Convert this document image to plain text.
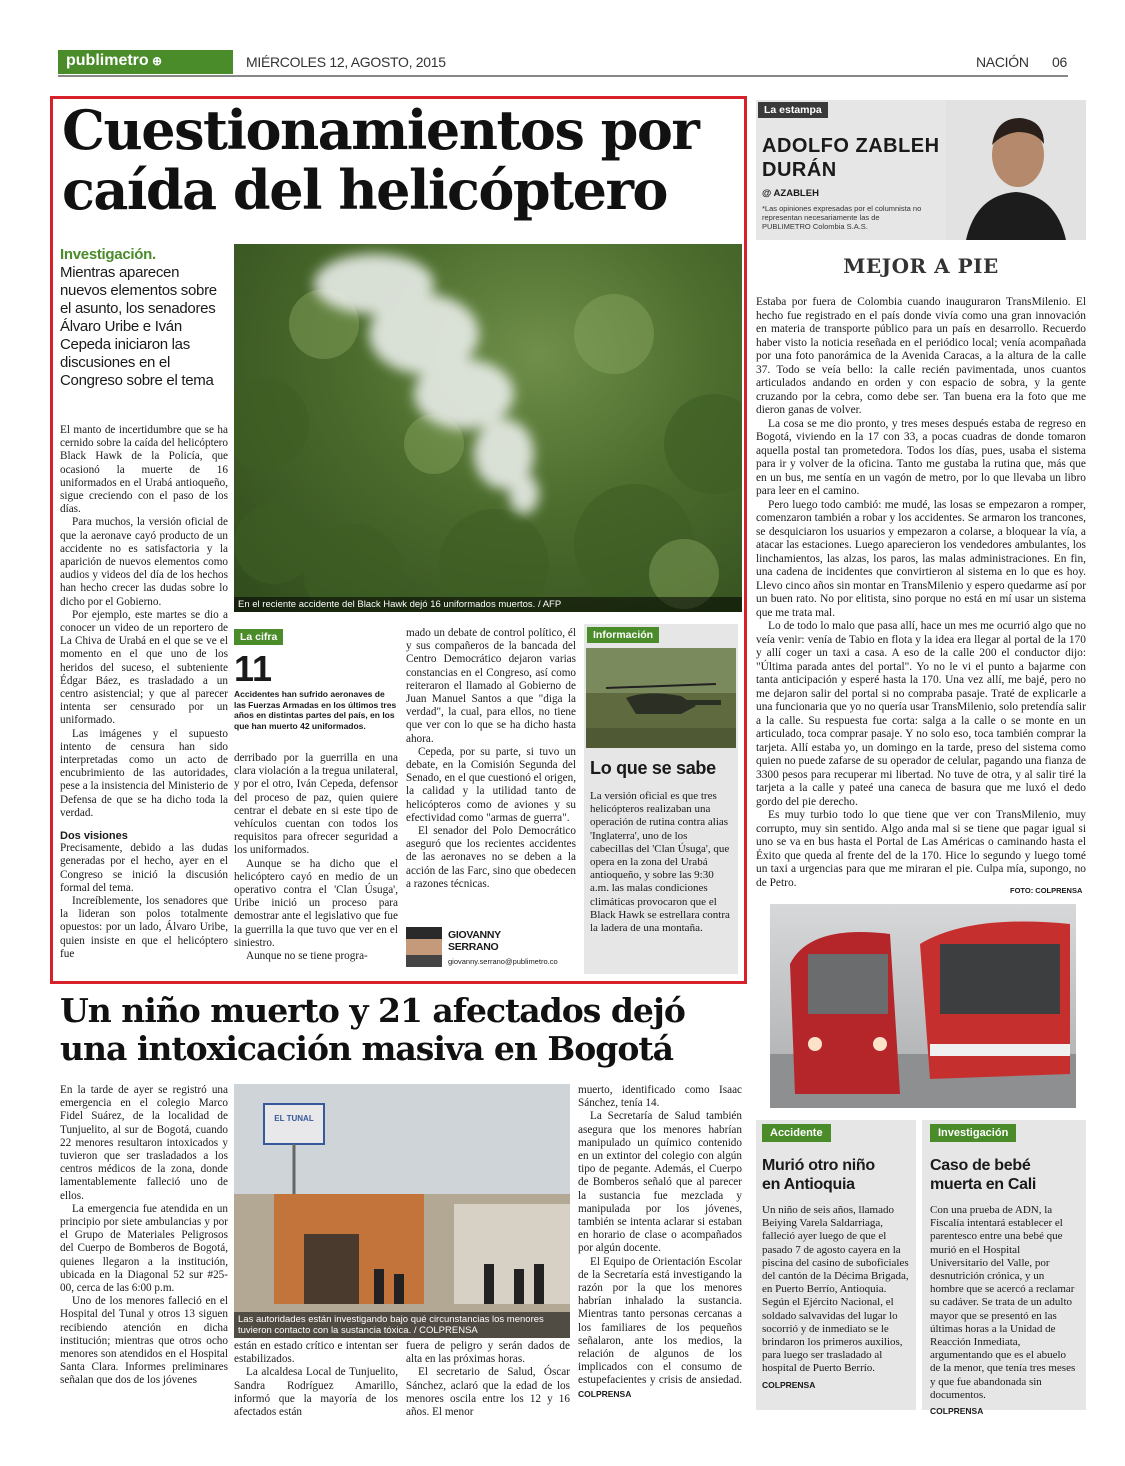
publimetro ⊕	MIÉRCOLES 12, AGOSTO, 2015	NACIÓN 06
Cuestionamientos por
caída del helicóptero
Investigación.
Mientras aparecen nuevos elementos sobre el asunto, los senadores Álvaro Uribe e Iván Cepeda iniciaron las discusiones en el Congreso sobre el tema
En el reciente accidente del Black Hawk dejó 16 uniformados muertos. / AFP

El manto de incertidumbre que se ha cernido sobre la caída del helicóptero Black Hawk de la Policía, que ocasionó la muerte de 16 uniformados en el Urabá antioqueño, sigue creciendo con el paso de los días.

Para muchos, la versión oficial de que la aeronave cayó producto de un accidente no es satisfactoria y la aparición de nuevos elementos como audios y videos del día de los hechos han hecho crecer las dudas sobre lo dicho por el Gobierno.

Por ejemplo, este martes se dio a conocer un video de un reportero de La Chiva de Urabá en el que se ve el momento en el que uno de los heridos del suceso, el subteniente Édgar Báez, es trasladado a un centro asistencial; y que al parecer intenta ser censurado por un uniformado.

Las imágenes y el supuesto intento de censura han sido interpretadas como un acto de encubrimiento de las autoridades, pese a la insistencia del Ministerio de Defensa de que se ha dicho toda la verdad.

Dos visiones

Precisamente, debido a las dudas generadas por el hecho, ayer en el Congreso se inició la discusión formal del tema.

Increíblemente, los senadores que la lideran son polos totalmente opuestos: por un lado, Álvaro Uribe, quien insiste en que el helicóptero fue

La cifra
11
Accidentes han sufrido aeronaves de las Fuerzas Armadas en los últimos tres años en distintas partes del país, en los que han muerto 42 uniformados.

derribado por la guerrilla en una clara violación a la tregua unilateral, y por el otro, Iván Cepeda, defensor del proceso de paz, quien quiere centrar el debate en si este tipo de vehículos cuentan con todos los requisitos para ofrecer seguridad a los uniformados.

Aunque se ha dicho que el helicóptero cayó en medio de un operativo contra el 'Clan Úsuga', Uribe inició un proceso para demostrar ante el legislativo que fue la guerrilla la que tuvo que ver en el siniestro.

Aunque no se tiene progra-

mado un debate de control político, él y sus compañeros de la bancada del Centro Democrático dejaron varias constancias en el Congreso, así como reiteraron el llamado al Gobierno de Juan Manuel Santos a que "diga la verdad", la cual, para ellos, no tiene que ver con lo que se ha dicho hasta ahora.

Cepeda, por su parte, si tuvo un debate, en la Comisión Segunda del Senado, en el que cuestionó el origen, la calidad y la utilidad tanto de helicópteros como de aviones y su efectividad como "armas de guerra".

El senador del Polo Democrático aseguró que los recientes accidentes de las aeronaves no se deben a la acción de las Farc, sino que obedecen a razones técnicas.

GIOVANNY
SERRANO
giovanny.serrano@publimetro.co
Información
Lo que se sabe
La versión oficial es que tres helicópteros realizaban una operación de rutina contra alias 'Inglaterra', uno de los cabecillas del 'Clan Úsuga', que opera en la zona del Urabá antioqueño, y sobre las 9:30 a.m. las malas condiciones climáticas provocaron que el Black Hawk se estrellara contra la ladera de una montaña.
La estampa
ADOLFO ZABLEH
DURÁN
@ AZABLEH
*Las opiniones expresadas por el columnista no representan necesariamente las de PUBLIMETRO Colombia S.A.S.
MEJOR A PIE

Estaba por fuera de Colombia cuando inauguraron TransMilenio. El hecho fue registrado en el país donde vivía como una gran innovación en materia de transporte público para un país en desarrollo. Recuerdo haber visto la noticia reseñada en el periódico local; venía acompañada por una foto panorámica de la Avenida Caracas, a la altura de la calle 37. Todo se veía bello: la calle recién pavimentada, unos cuantos articulados andando en orden y con espacio de sobra, y la gente cruzando por la cebra, como debe ser. Tan buena era la foto que me dieron ganas de volver.

La cosa se me dio pronto, y tres meses después estaba de regreso en Bogotá, viviendo en la 17 con 33, a pocas cuadras de donde tomaron aquella postal tan prometedora. Todos los días, pues, usaba el sistema para ir y volver de la oficina. Tanto me gustaba la rutina que, más que en un bus, me sentía en un vagón de metro, por lo que llevaba un libro para leer en el camino.

Pero luego todo cambió: me mudé, las losas se empezaron a romper, comenzaron también a robar y los accidentes. Se armaron los trancones, se desquiciaron los usuarios y empezaron a colarse, a bloquear la vía, a atacar las estaciones. Luego aparecieron los vendedores ambulantes, los linchamientos, las alzas, los paros, las malas administraciones. En fin, una cadena de incidentes que convirtieron al sistema en lo que es hoy. Llevo cinco años sin montar en TransMilenio y espero quedarme así por un buen rato. No por elitista, sino porque no está en mí usar un sistema que me trata mal.

Lo de todo lo malo que pasa allí, hace un mes me ocurrió algo que no veía venir: venía de Tabio en flota y la idea era llegar al portal de la 170 y allí coger un taxi a casa. A eso de la calle 200 el conductor dijo: "Última parada antes del portal". Yo no le vi el punto a bajarme con tanta anticipación y esperé hasta la 170. Una vez allí, me bajé, pero no me dejaron salir del portal si no compraba pasaje. Traté de explicarle a una funcionaria que yo no quería usar TransMilenio, solo pretendía salir a la calle. Su respuesta fue corta: salga a la calle o se monte en un articulado, toca comprar pasaje. Y no solo eso, toca también comprar la tarjeta. Allí estaba yo, un domingo en la tarde, preso del sistema como quien no puede zafarse de su operador de celular, pagando una fianza de 3300 pesos para recuperar mi libertad. No tuve de otra, y al salir tiré la tarjeta a la calle y pateé una caneca de basura que me luxó el dedo gordo del pie derecho.

Es muy turbio todo lo que tiene que ver con TransMilenio, muy corrupto, muy sin sentido. Algo anda mal si se tiene que pagar igual si uno se va en bus hasta el Portal de Las Américas o caminando hasta el Éxito que queda al frente del de la 170. Hice lo segundo y luego tomé un taxi a urgencias para que me miraran el pie. Culpa mía, supongo, no de Petro.

FOTO: COLPRENSA
Un niño muerto y 21 afectados dejó
una intoxicación masiva en Bogotá

En la tarde de ayer se registró una emergencia en el colegio Marco Fidel Suárez, de la localidad de Tunjuelito, al sur de Bogotá, cuando 22 menores resultaron intoxicados y tuvieron que ser trasladados a los centros médicos de la zona, donde lamentablemente falleció uno de ellos.

La emergencia fue atendida en un principio por siete ambulancias y por el Grupo de Materiales Peligrosos del Cuerpo de Bomberos de Bogotá, quienes llegaron a la institución, ubicada en la Diagonal 52 sur #25-00, cerca de las 6:00 p.m.

Uno de los menores falleció en el Hospital del Tunal y otros 13 siguen recibiendo atención en dicha institución; mientras que otros ocho menores son atendidos en el Hospital Santa Clara. Informes preliminares señalan que dos de los jóvenes

EL TUNAL
Las autoridades están investigando bajo qué circunstancias los menores tuvieron contacto con la sustancia tóxica. / COLPRENSA

están en estado crítico e intentan ser estabilizados.

La alcaldesa Local de Tunjuelito, Sandra Rodríguez Amarillo, informó que la mayoría de los afectados están

fuera de peligro y serán dados de alta en las próximas horas.

El secretario de Salud, Óscar Sánchez, aclaró que la edad de los menores oscila entre los 12 y 16 años. El menor

muerto, identificado como Isaac Sánchez, tenía 14.

La Secretaría de Salud también asegura que los menores habrían manipulado un químico contenido en un extintor del colegio con algún tipo de pegante. Además, el Cuerpo de Bomberos señaló que al parecer la sustancia fue mezclada y manipulada por los jóvenes, también se intenta aclarar si estaban en horario de clase o acompañados por algún docente.

El Equipo de Orientación Escolar de la Secretaría está investigando la razón por la que los menores habrían inhalado la sustancia. Mientras tanto personas cercanas a los familiares de los pequeños señalaron, ante los medios, la relación de algunos de los implicados con el consumo de estupefacientes y crisis de ansiedad. COLPRENSA

Accidente
Murió otro niño
en Antioquia
Un niño de seis años, llamado Beiying Varela Saldarriaga, falleció ayer luego de que el pasado 7 de agosto cayera en la piscina del casino de suboficiales del cantón de la Décima Brigada, en Puerto Berrío, Antioquia. Según el Ejército Nacional, el soldado salvavidas del lugar lo socorrió y de inmediato se le brindaron los primeros auxilios, para luego ser trasladado al hospital de Puerto Berrío.
COLPRENSA
Investigación
Caso de bebé
muerta en Cali
Con una prueba de ADN, la Fiscalía intentará establecer el parentesco entre una bebé que murió en el Hospital Universitario del Valle, por desnutrición crónica, y un hombre que se acercó a reclamar su cadáver. Se trata de un adulto mayor que se presentó en las últimas horas a la Unidad de Reacción Inmediata, argumentando que es el abuelo de la menor, que tenía tres meses y que fue abandonada sin documentos.
COLPRENSA
